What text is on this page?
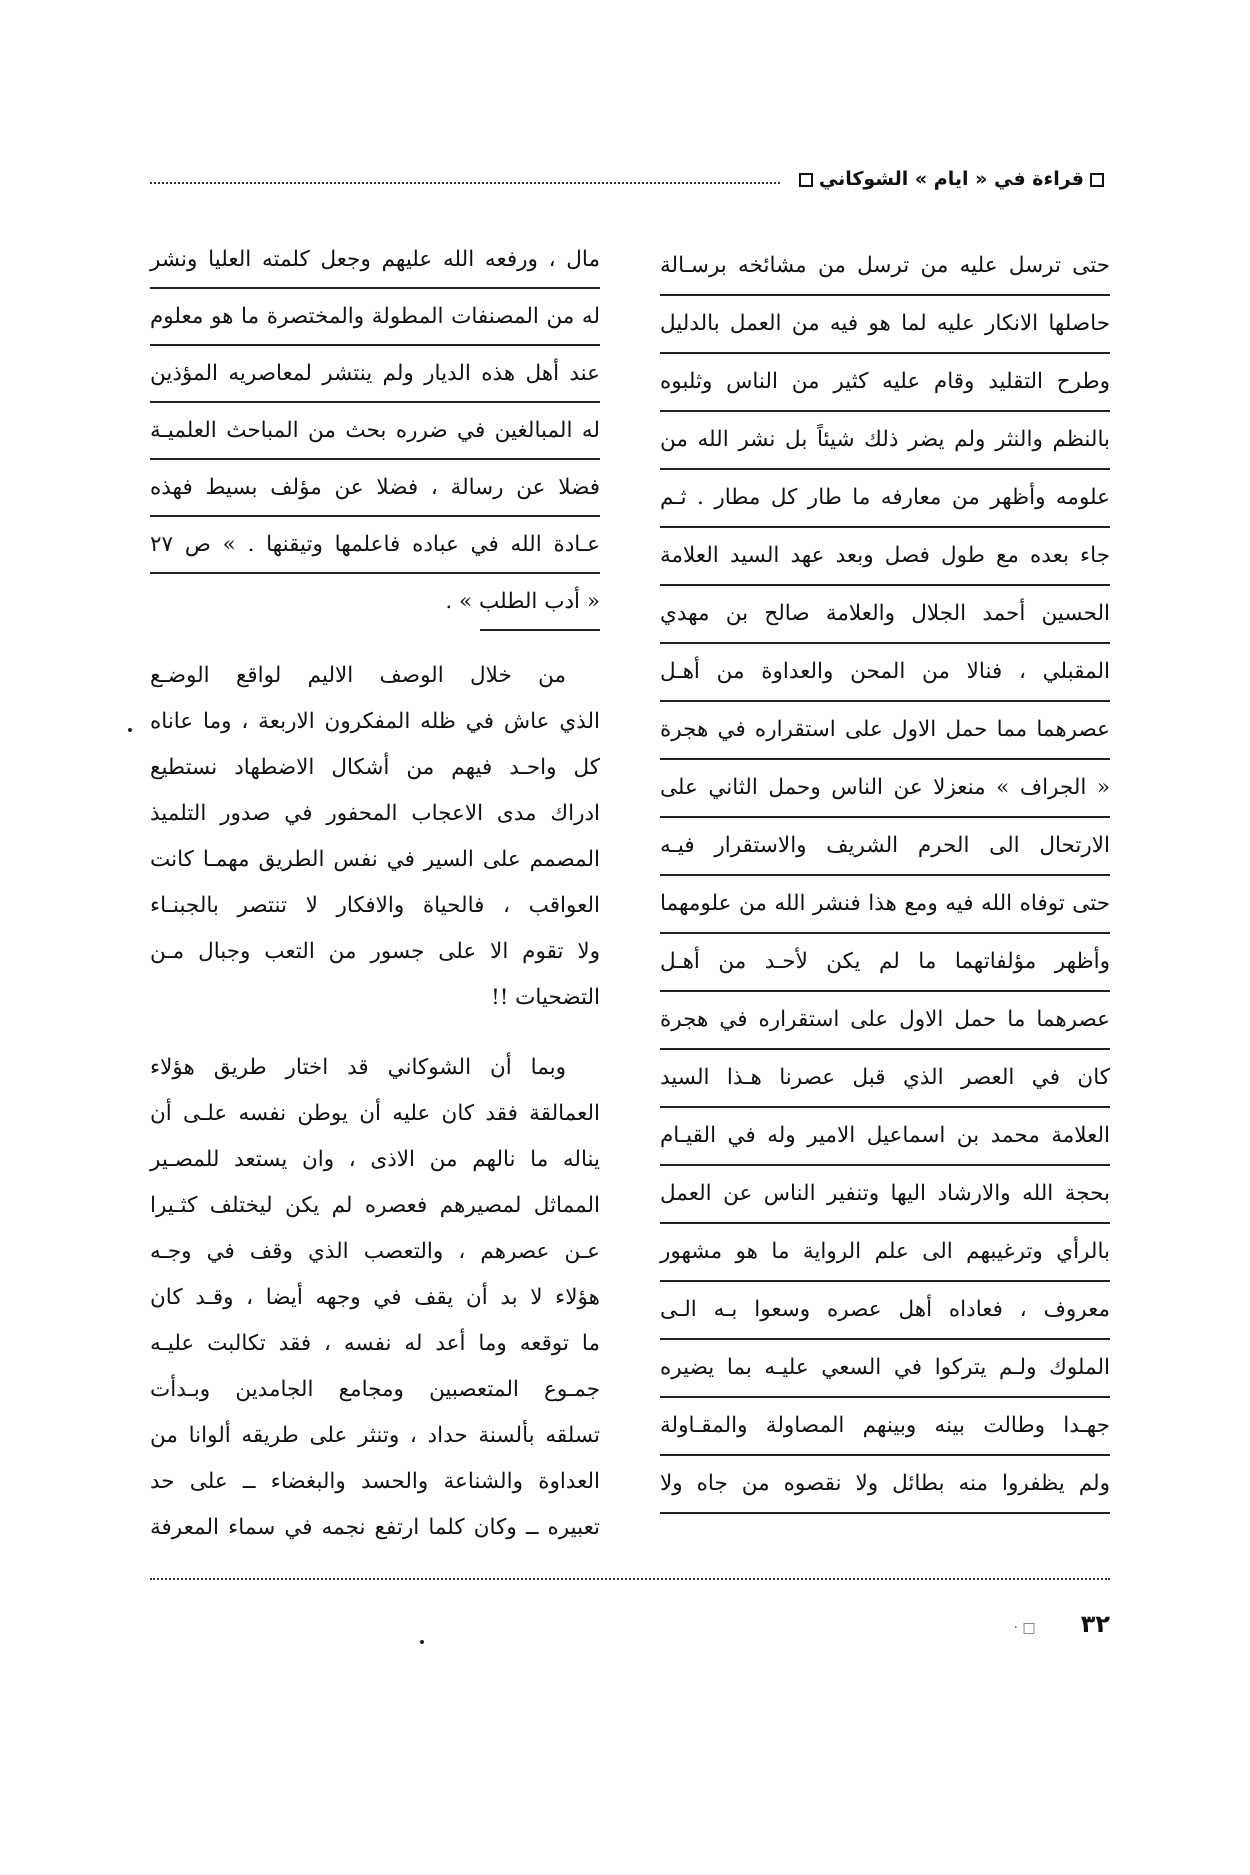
قراءة في « ايام » الشوكاني
حتى ترسل عليه من ترسل من مشائخه برسـالة
حاصلها الانكار عليه لما هو فيه من العمل بالدليل
وطرح التقليد وقام عليه كثير من الناس وثلبوه
بالنظم والنثر ولم يضر ذلك شيئاً بل نشر الله من
علومه وأظهر من معارفه ما طار كل مطار . ثـم
جاء بعده مع طول فصل وبعد عهد السيد العلامة
الحسين أحمد الجلال والعلامة صالح بن مهدي
المقبلي ، فنالا من المحن والعداوة من أهـل
عصرهما مما حمل الاول على استقراره في هجرة
« الجراف » منعزلا عن الناس وحمل الثاني على
الارتحال الى الحرم الشريف والاستقرار فيـه
حتى توفاه الله فيه ومع هذا فنشر الله من علومهما
وأظهر مؤلفاتهما ما لم يكن لأحـد من أهـل
عصرهما ما حمل الاول على استقراره في هجرة
كان في العصر الذي قبل عصرنا هـذا السيد
العلامة محمد بن اسماعيل الامير وله في القيـام
بحجة الله والارشاد اليها وتنفير الناس عن العمل
بالرأي وترغيبهم الى علم الرواية ما هو مشهور
معروف ، فعاداه أهل عصره وسعوا بـه الـى
الملوك ولـم يتركوا في السعي عليـه بما يضيره
جهـدا وطالت بينه وبينهم المصاولة والمقـاولة
ولم يظفروا منه بطائل ولا نقصوه من جاه ولا
مال ، ورفعه الله عليهم وجعل كلمته العليا ونشر
له من المصنفات المطولة والمختصرة ما هو معلوم
عند أهل هذه الديار ولم ينتشر لمعاصريه المؤذين
له المبالغين في ضرره بحث من المباحث العلميـة
فضلا عن رسالة ، فضلا عن مؤلف بسيط فهذه
عـادة الله في عباده فاعلمها وتيقنها . » ص ٢٧
« أدب الطلب » .
من خلال الوصف الاليم لواقع الوضـع
الذي عاش في ظله المفكرون الاربعة ، وما عاناه
كل واحـد فيهم من أشكال الاضطهاد نستطيع
ادراك مدى الاعجاب المحفور في صدور التلميذ
المصمم على السير في نفس الطريق مهمـا كانت
العواقب ، فالحياة والافكار لا تنتصر بالجبنـاء
ولا تقوم الا على جسور من التعب وجبال مـن
التضحيات !!
وبما أن الشوكاني قد اختار طريق هؤلاء
العمالقة فقد كان عليه أن يوطن نفسه علـى أن
يناله ما نالهم من الاذى ، وان يستعد للمصـير
المماثل لمصيرهم فعصره لم يكن ليختلف كثـيرا
عـن عصرهم ، والتعصب الذي وقف في وجـه
هؤلاء لا بد أن يقف في وجهه أيضا ، وقـد كان
ما توقعه وما أعد له نفسه ، فقد تكالبت عليـه
جمـوع المتعصبين ومجامع الجامدين وبـدأت
تسلقه بألسنة حداد ، وتنثر على طريقه ألوانا من
العداوة والشناعة والحسد والبغضاء ــ على حد
تعبيره ــ وكان كلما ارتفع نجمه في سماء المعرفة
٣٢ □ ·
